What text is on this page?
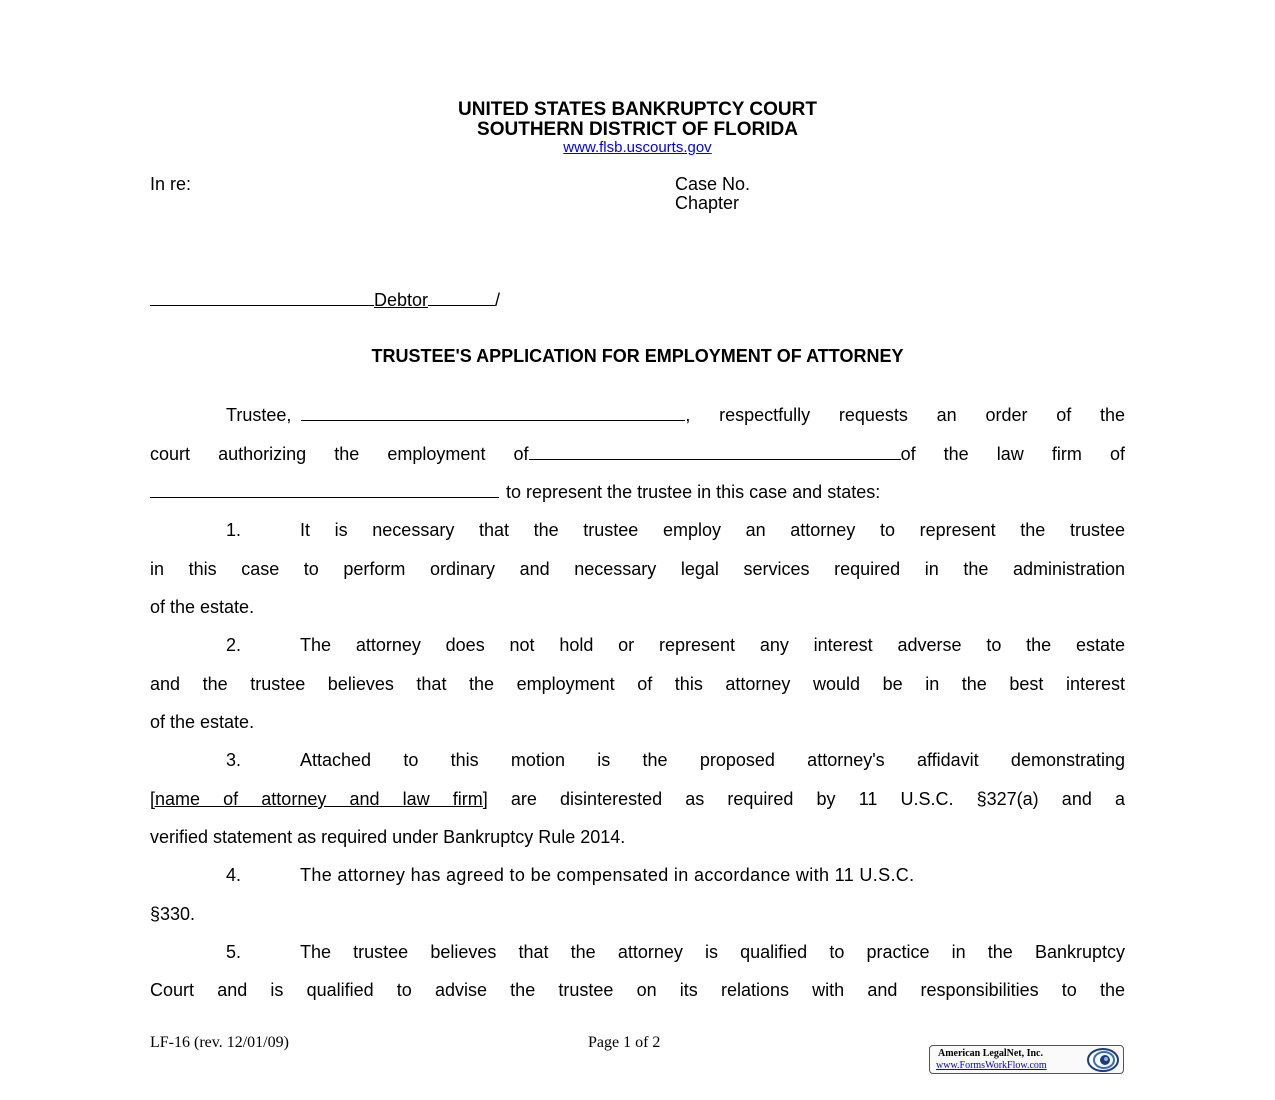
UNITED STATES BANKRUPTCY COURT
SOUTHERN DISTRICT OF FLORIDA
www.flsb.uscourts.gov
In re:	Case No.
Chapter
Debtor	/
TRUSTEE'S APPLICATION FOR EMPLOYMENT OF ATTORNEY
Trustee,	, respectfully requests an order of the
court authorizing the employment of	of the law firm of
to represent the trustee in this case and states:
1.	It is necessary that the trustee employ an attorney to represent the trustee
in this case to perform ordinary and necessary legal services required in the administration
of the estate.
2.	The attorney does not hold or represent any interest adverse to the estate
and the trustee believes that the employment of this attorney would be in the best interest
of the estate.
3.	Attached to this motion is the proposed attorney's affidavit demonstrating
[name of attorney and law firm] are disinterested as required by 11 U.S.C. §327(a) and a
verified statement as required under Bankruptcy Rule 2014.
4.	The attorney has agreed to be compensated in accordance with 11 U.S.C.
§330.
5.	The trustee believes that the attorney is qualified to practice in the Bankruptcy
Court and is qualified to advise the trustee on its relations with and responsibilities to the
LF-16 (rev. 12/01/09)	Page 1 of 2
American LegalNet, Inc.
www.FormsWorkFlow.com
